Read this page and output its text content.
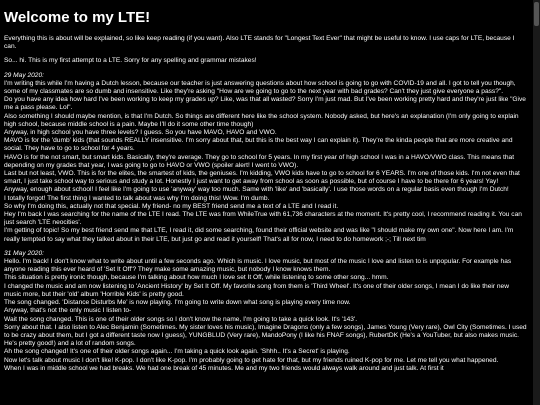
Welcome to my LTE!

Everything this is about will be explained, so like keep reading (if you want). Also LTE stands for "Longest Text Ever" that might be useful to know. I use caps for LTE, because I can.

So... hi. This is my first attempt to a LTE. Sorry for any spelling and grammar mistakes!

29 May 2020:
I'm writing this while I'm having a Dutch lesson, because our teacher is just answering questions about how school is going to go with COVID-19 and all. I got to tell you though, some of my classmates are so dumb and insensitive. Like they're asking "How are we going to go to the next year with bad grades? Can't they just give everyone a pass?".
Do you have any idea how hard I've been working to keep my grades up? Like, was that all wasted? Sorry I'm just mad. But I've been working pretty hard and they're just like "Give me a pass please. Lol".
Also something I should maybe mention, is that I'm Dutch. So things are different here like the school system. Nobody asked, but here's an explanation (I'm only going to explain high school, because middle school is a pain. Maybe I'll do it some other time though)
Anyway, in high school you have three levels? I guess. So you have MAVO, HAVO and VWO.
MAVO is for the 'dumb' kids (that sounds REALLY insensitive. I'm sorry about that, but this is the best way I can explain it). They're the kinda people that are more creative and social. They have to go to school for 4 years.
HAVO is for the not smart, but smart kids. Basically, they're average. They go to school for 5 years. In my first year of high school I was in a HAVO/VWO class. This means that depending on my grades that year, I was going to go to HAVO or VWO (spoiler alert! I went to VWO).
Last but not least, VWO. This is for the elites, the smartest of kids, the geniuses. I'm kidding, VWO kids have to go to school for 6 YEARS. I'm one of those kids. I'm not even that smart, I just take school way to serious and study a lot. Honestly I just want to get away from school as soon as possible, but of course I have to be there for 6 years! Yay!
Anyway, enough about school! I feel like I'm going to use 'anyway' way too much. Same with 'like' and 'basically'. I use those words on a regular basis even though I'm Dutch!
I totally forgot! The first thing I wanted to talk about was why I'm doing this! Wow. I'm dumb.
So why I'm doing this, actually not that special. My friend- no my BEST friend send me a text of a LTE and I read it.
Hey I'm back I was searching for the name of the LTE I read. The LTE was from WhileTrue with 61,736 characters at the moment. It's pretty cool, I recommend reading it. You can just search 'LTE neocities'.
I'm getting of topic! So my best friend send me that LTE, I read it, did some searching, found their official website and was like "I should make my own one". Now here I am. I'm really tempted to say what they talked about in their LTE, but just go and read it yourself! That's all for now, I need to do homework ;-; Till next tim
31 May 2020:
Hello. I'm back! I don't know what to write about until a few seconds ago. Which is music. I love music, but most of the music I love and listen to is unpopular. For example has anyone reading this ever heard of 'Set It Off'? They make some amazing music, but nobody I know knows them.
This situation is pretty ironic though, because I'm talking about how much I love set It Off, while listening to some other song... hmm.
I changed the music and am now listening to 'Ancient History' by Set It Off. My favorite song from them is 'Third Wheel'. It's one of their older songs, I mean I do like their new music more, but their 'old' album 'Horrible Kids' is pretty good.
The song changed. 'Distance Disturbs Me' is now playing. I'm going to write down what song is playing every time now.
Anyway, that's not the only music I listen to-
Wait the song changed. This is one of their older songs so I don't know the name, I'm going to take a quick look. It's '143'.
Sorry about that. I also listen to Alec Benjamin (Sometimes. My sister loves his music), Imagine Dragons (only a few songs), James Young (Very rare), Owl City (Sometimes. I used to be crazy about them, but I got a different taste now I guess), YUNGBLUD (Very rare), MandoPony (I like his FNAF songs), RubertDK (He's a YouTuber, but also makes music. He's pretty good!) and a lot of random songs.
Ah the song changed! It's one of their older songs again... I'm taking a quick look again. 'Shhh.. It's a Secret' is playing.
Now let's talk about music I don't like! K-pop. I don't like K-pop. I'm probably going to get hate for that, but my friends ruined K-pop for me. Let me tell you what happened.
When I was in middle school we had breaks. We had one break of 45 minutes. Me and my two friends would always walk around and just talk. At first it
